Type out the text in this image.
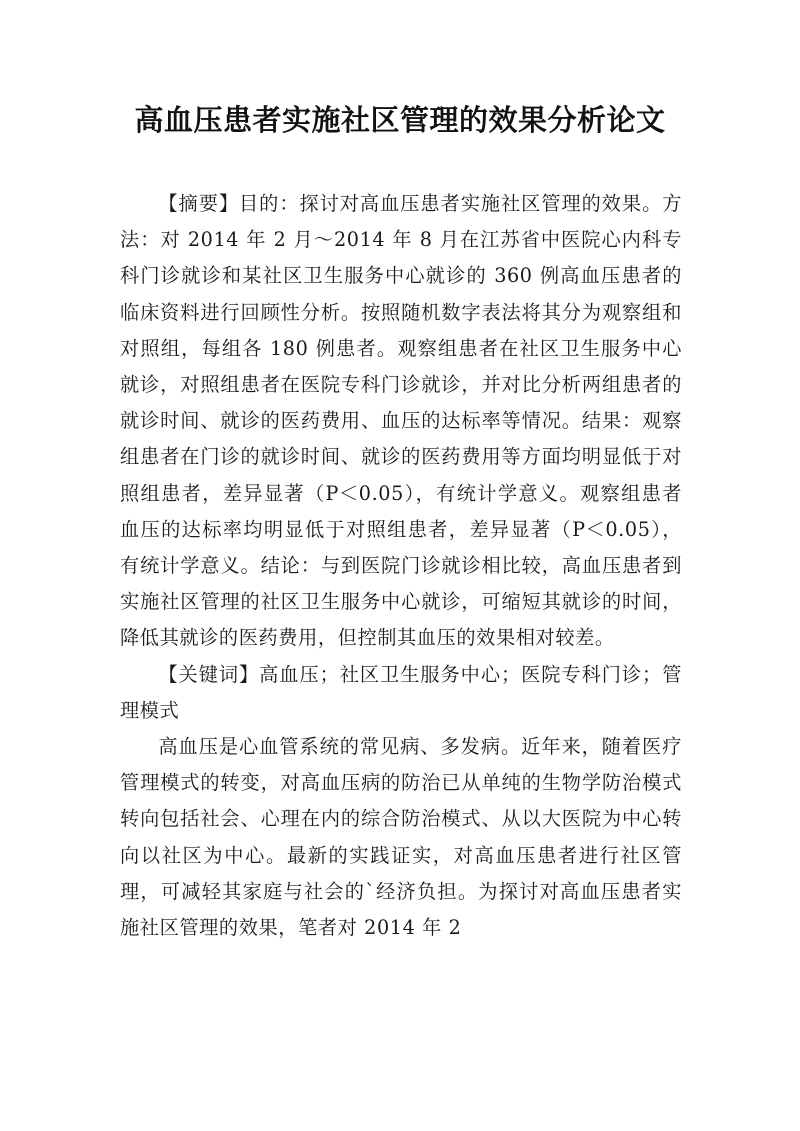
高血压患者实施社区管理的效果分析论文

【摘要】目的：探讨对高血压患者实施社区管理的效果。方法：对 2014 年 2 月～2014 年 8 月在江苏省中医院心内科专科门诊就诊和某社区卫生服务中心就诊的 360 例高血压患者的临床资料进行回顾性分析。按照随机数字表法将其分为观察组和对照组，每组各 180 例患者。观察组患者在社区卫生服务中心就诊，对照组患者在医院专科门诊就诊，并对比分析两组患者的就诊时间、就诊的医药费用、血压的达标率等情况。结果：观察组患者在门诊的就诊时间、就诊的医药费用等方面均明显低于对照组患者，差异显著（P＜0.05），有统计学意义。观察组患者血压的达标率均明显低于对照组患者，差异显著（P＜0.05），有统计学意义。结论：与到医院门诊就诊相比较，高血压患者到实施社区管理的社区卫生服务中心就诊，可缩短其就诊的时间，降低其就诊的医药费用，但控制其血压的效果相对较差。

【关键词】高血压；社区卫生服务中心；医院专科门诊；管理模式

高血压是心血管系统的常见病、多发病。近年来，随着医疗管理模式的转变，对高血压病的防治已从单纯的生物学防治模式转向包括社会、心理在内的综合防治模式、从以大医院为中心转向以社区为中心。最新的实践证实，对高血压患者进行社区管理，可减轻其家庭与社会的`经济负担。为探讨对高血压患者实施社区管理的效果，笔者对 2014 年 2
